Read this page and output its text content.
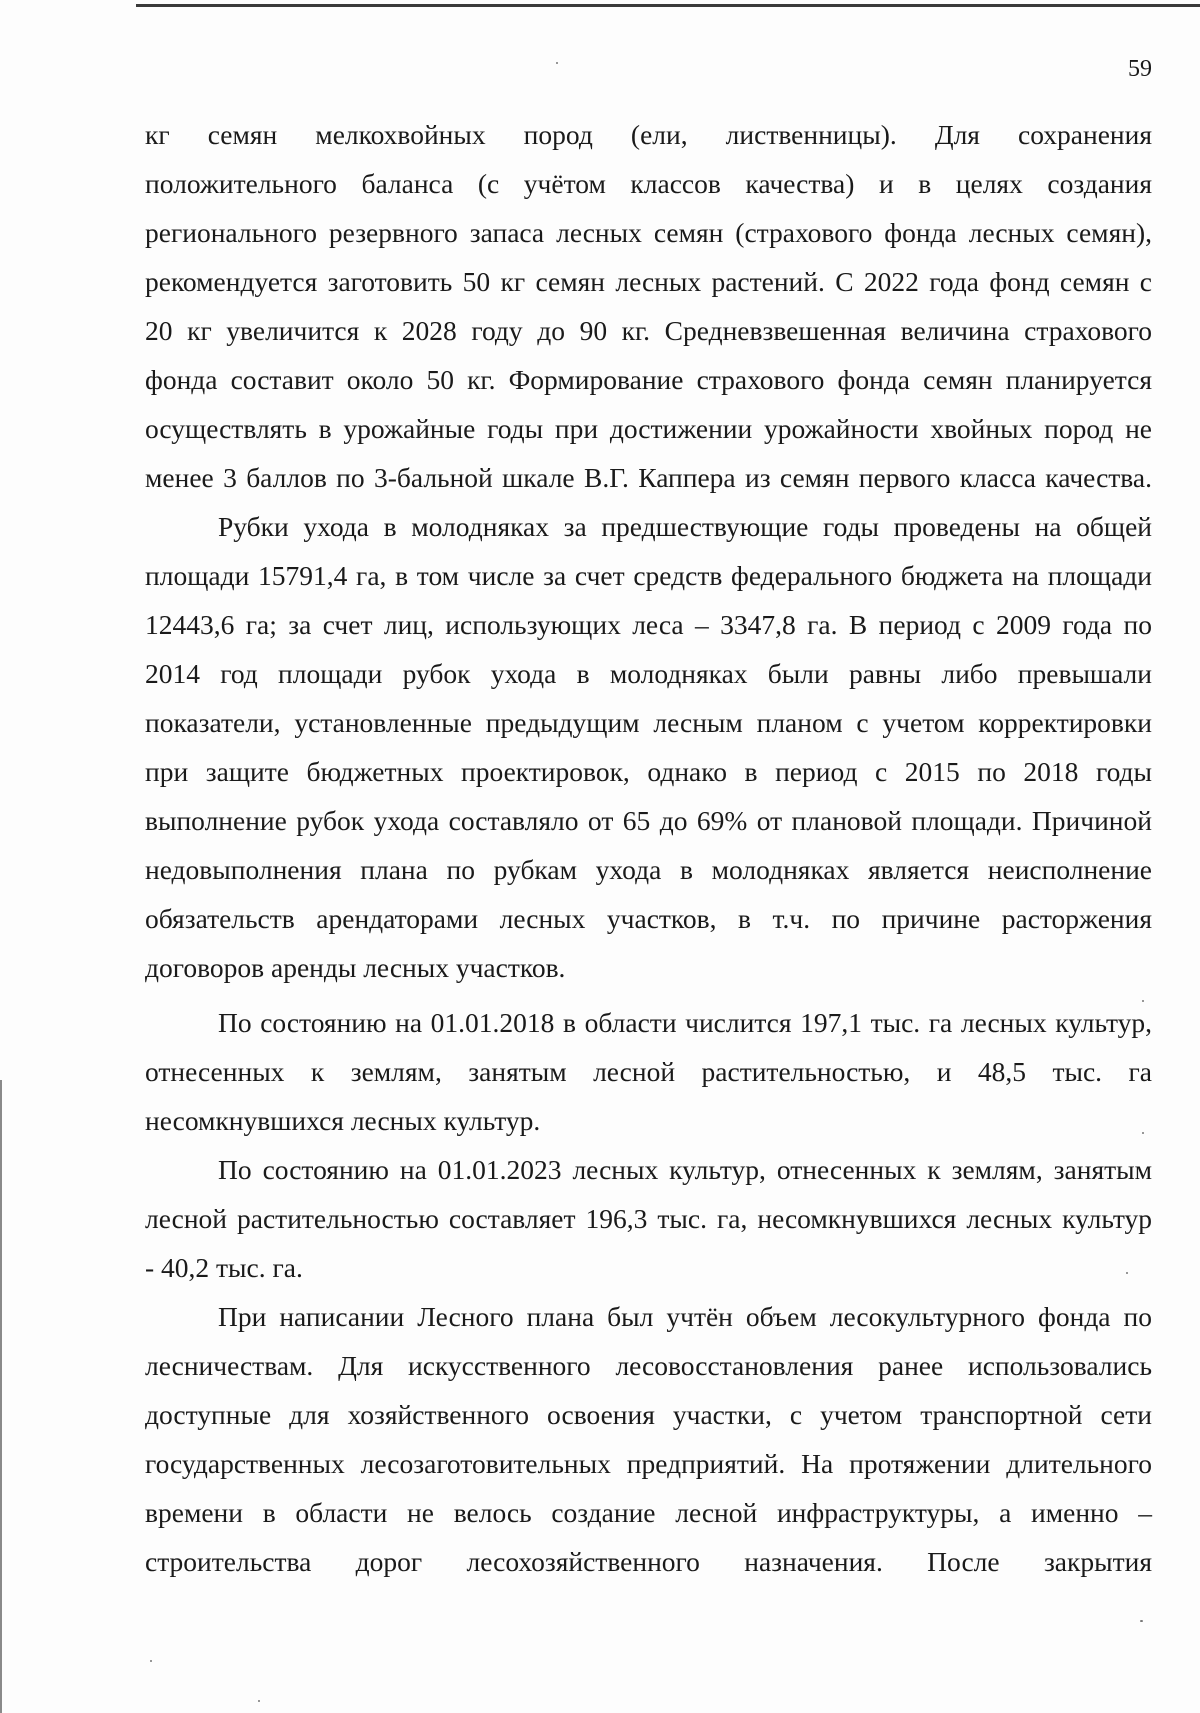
59
кг семян мелкохвойных пород (ели, лиственницы). Для сохранения
положительного баланса (с учётом классов качества) и в целях создания
регионального резервного запаса лесных семян (страхового фонда лесных семян),
рекомендуется заготовить 50 кг семян лесных растений. С 2022 года фонд семян с
20 кг увеличится к 2028 году до 90 кг. Средневзвешенная величина страхового
фонда составит около 50 кг. Формирование страхового фонда семян планируется
осуществлять в урожайные годы при достижении урожайности хвойных пород не
менее 3 баллов по 3-бальной шкале В.Г. Каппера из семян первого класса качества.
Рубки ухода в молодняках за предшествующие годы проведены на общей
площади 15791,4 га, в том числе за счет средств федерального бюджета на площади
12443,6 га; за счет лиц, использующих леса – 3347,8 га. В период с 2009 года по
2014 год площади рубок ухода в молодняках были равны либо превышали
показатели, установленные предыдущим лесным планом с учетом корректировки
при защите бюджетных проектировок, однако в период с 2015 по 2018 годы
выполнение рубок ухода составляло от 65 до 69% от плановой площади. Причиной
недовыполнения плана по рубкам ухода в молодняках является неисполнение
обязательств арендаторами лесных участков, в т.ч. по причине расторжения
договоров аренды лесных участков.
По состоянию на 01.01.2018 в области числится 197,1 тыс. га лесных культур,
отнесенных к землям, занятым лесной растительностью, и 48,5 тыс. га
несомкнувшихся лесных культур.
По состоянию на 01.01.2023 лесных культур, отнесенных к землям, занятым
лесной растительностью составляет 196,3 тыс. га, несомкнувшихся лесных культур
- 40,2 тыс. га.
При написании Лесного плана был учтён объем лесокультурного фонда по
лесничествам. Для искусственного лесовосстановления ранее использовались
доступные для хозяйственного освоения участки, с учетом транспортной сети
государственных лесозаготовительных предприятий. На протяжении длительного
времени в области не велось создание лесной инфраструктуры, а именно –
строительства дорог лесохозяйственного назначения. После закрытия
